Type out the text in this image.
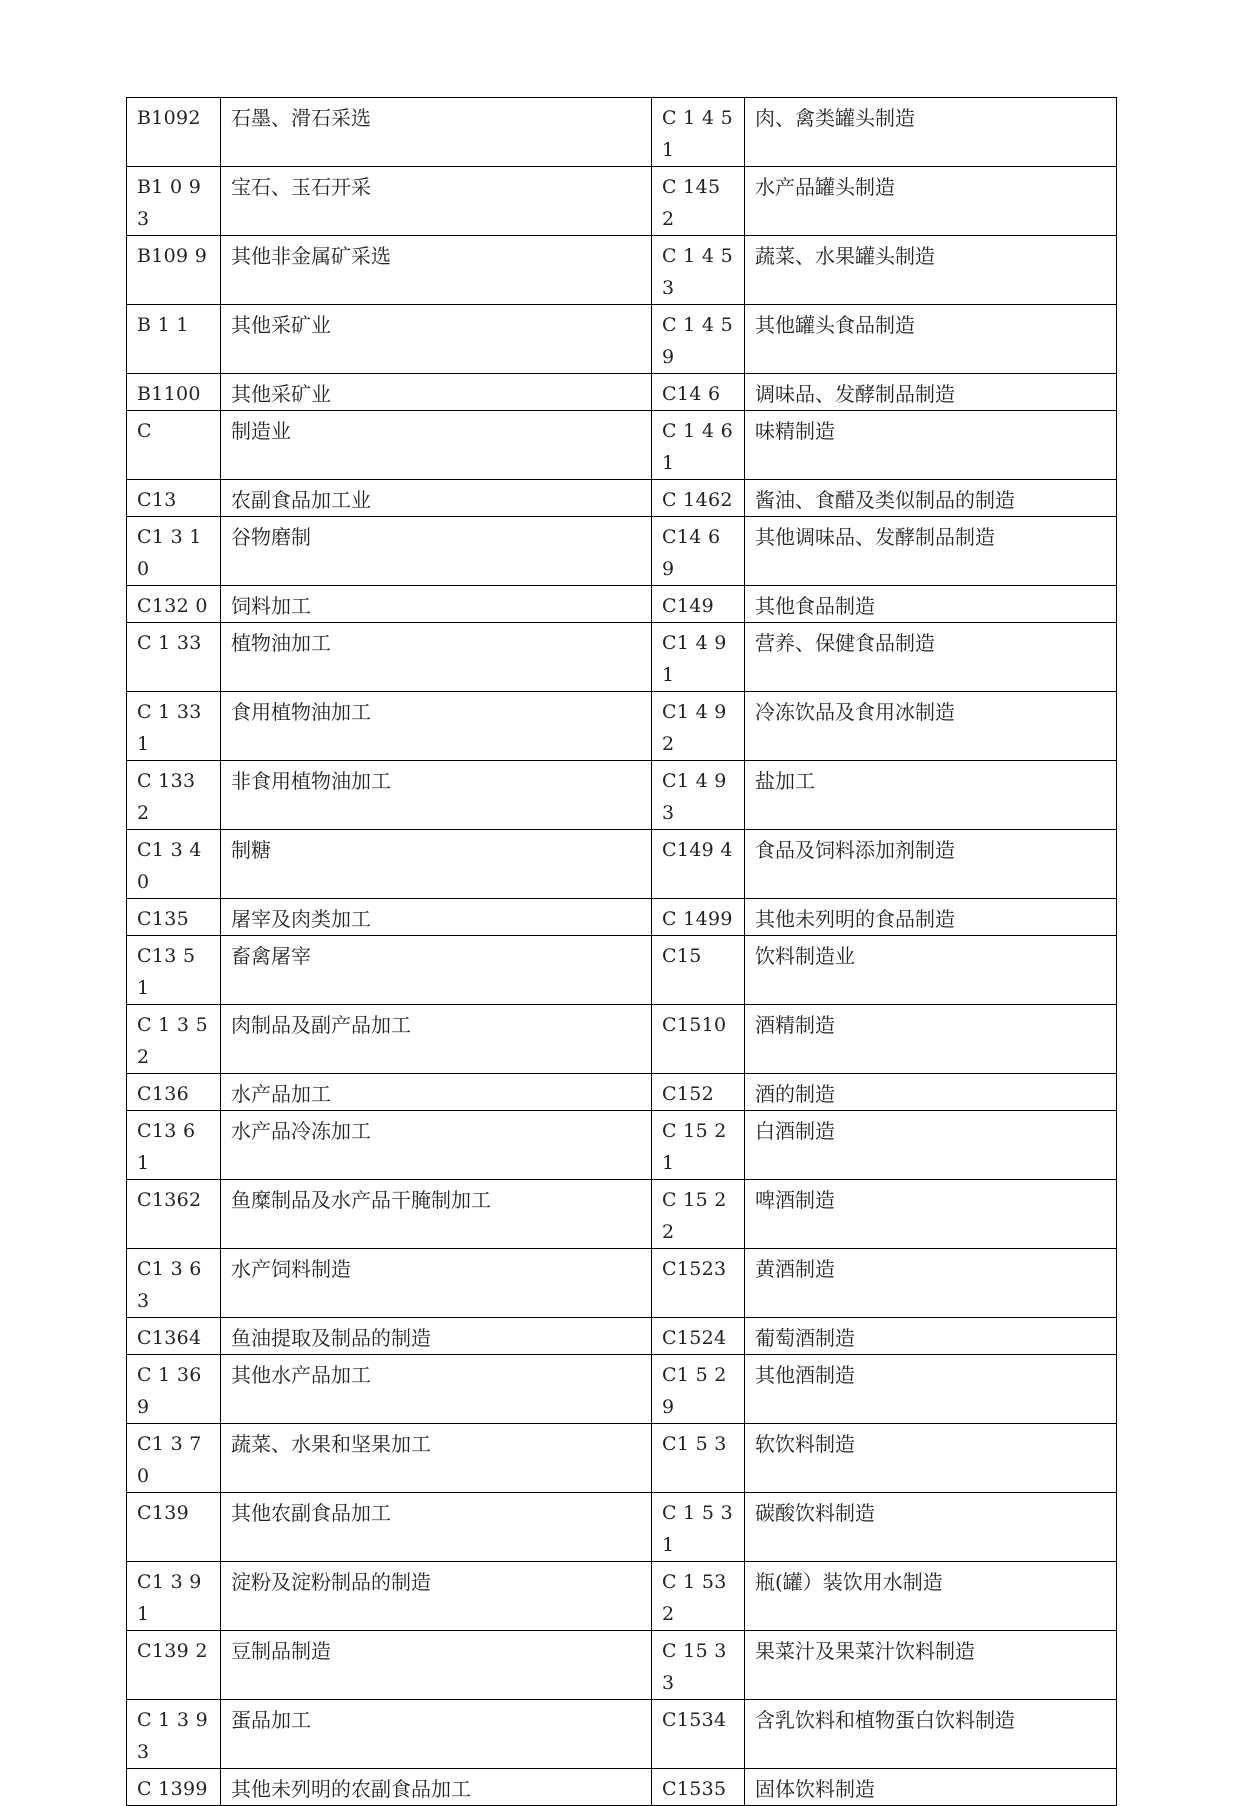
B1092	石墨、滑石采选	C 1 4 5 1	肉、禽类罐头制造
B1 0 9 3	宝石、玉石开采	C 145 2	水产品罐头制造
B109 9	其他非金属矿采选	C 1 4 5 3	蔬菜、水果罐头制造
B 1 1	其他采矿业	C 1 4 5 9	其他罐头食品制造
B1100	其他采矿业	C14 6	调味品、发酵制品制造
C	制造业	C 1 4 6 1	味精制造
C13	农副食品加工业	C 1462	酱油、食醋及类似制品的制造
C1 3 1 0	谷物磨制	C14 6 9	其他调味品、发酵制品制造
C132 0	饲料加工	C149	其他食品制造
C 1 33	植物油加工	C1 4 9 1	营养、保健食品制造
C 1 331	食用植物油加工	C1 4 9 2	冷冻饮品及食用冰制造
C 133 2	非食用植物油加工	C1 4 93	盐加工
C1 3 40	制糖	C149 4	食品及饲料添加剂制造
C135	屠宰及肉类加工	C 1499	其他未列明的食品制造
C13 5 1	畜禽屠宰	C15	饮料制造业
C 1 3 5 2	肉制品及副产品加工	C1510	酒精制造
C136	水产品加工	C152	酒的制造
C13 6 1	水产品冷冻加工	C 15 2 1	白酒制造
C1362	鱼糜制品及水产品干腌制加工	C 15 2 2	啤酒制造
C1 3 63	水产饲料制造	C1523	黄酒制造
C1364	鱼油提取及制品的制造	C1524	葡萄酒制造
C 1 369	其他水产品加工	C1 5 29	其他酒制造
C1 3 70	蔬菜、水果和坚果加工	C1 5 3	软饮料制造
C139	其他农副食品加工	C 1 5 3 1	碳酸饮料制造
C1 3 9 1	淀粉及淀粉制品的制造	C 1 532	瓶(罐）装饮用水制造
C139 2	豆制品制造	C 15 3 3	果菜汁及果菜汁饮料制造
C 1 3 93	蛋品加工	C1534	含乳饮料和植物蛋白饮料制造
C 1399	其他未列明的农副食品加工	C1535	固体饮料制造
